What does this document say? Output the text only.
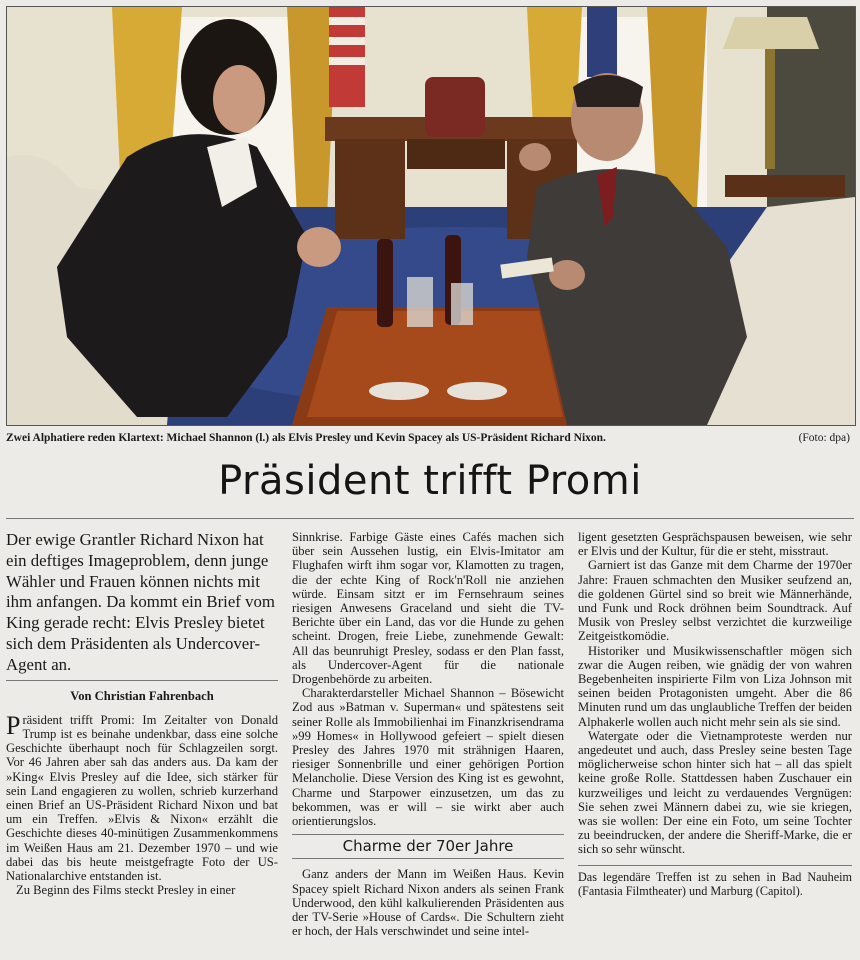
Zwei Alphatiere reden Klartext: Michael Shannon (l.) als Elvis Presley und Kevin Spacey als US-Präsident Richard Nixon.	(Foto: dpa)
Präsident trifft Promi

Der ewige Grantler Richard Nixon hat ein deftiges Imageproblem, denn junge Wähler und Frauen können nichts mit ihm anfangen. Da kommt ein Brief vom King gerade recht: Elvis Presley bietet sich dem Präsidenten als Undercover-Agent an.

Von Christian Fahrenbach

Präsident trifft Promi: Im Zeitalter von Donald Trump ist es beinahe undenkbar, dass eine solche Geschichte überhaupt noch für Schlagzeilen sorgt. Vor 46 Jahren aber sah das anders aus. Da kam der »King« Elvis Presley auf die Idee, sich stärker für sein Land engagieren zu wollen, schrieb kurzerhand einen Brief an US-Präsident Richard Nixon und bat um ein Treffen. »Elvis & Nixon« erzählt die Geschichte dieses 40-minütigen Zusammenkommens im Weißen Haus am 21. Dezember 1970 – und wie dabei das bis heute meistgefragte Foto der US-Nationalarchive entstanden ist.

Zu Beginn des Films steckt Presley in einer

Sinnkrise. Farbige Gäste eines Cafés machen sich über sein Aussehen lustig, ein Elvis-Imitator am Flughafen wirft ihm sogar vor, Klamotten zu tragen, die der echte King of Rock'n'Roll nie anziehen würde. Einsam sitzt er im Fernsehraum seines riesigen Anwesens Graceland und sieht die TV-Berichte über ein Land, das vor die Hunde zu gehen scheint. Drogen, freie Liebe, zunehmende Gewalt: All das beunruhigt Presley, sodass er den Plan fasst, als Undercover-Agent für die nationale Drogenbehörde zu arbeiten.

Charakterdarsteller Michael Shannon – Bösewicht Zod aus »Batman v. Superman« und spätestens seit seiner Rolle als Immobilienhai im Finanzkrisendrama »99 Homes« in Hollywood gefeiert – spielt diesen Presley des Jahres 1970 mit strähnigen Haaren, riesiger Sonnenbrille und einer gehörigen Portion Melancholie. Diese Version des King ist es gewohnt, Charme und Starpower einzusetzen, um das zu bekommen, was er will – sie wirkt aber auch orientierungslos.

Charme der 70er Jahre

Ganz anders der Mann im Weißen Haus. Kevin Spacey spielt Richard Nixon anders als seinen Frank Underwood, den kühl kalkulierenden Präsidenten aus der TV-Serie »House of Cards«. Die Schultern zieht er hoch, der Hals verschwindet und seine intel-

ligent gesetzten Gesprächspausen beweisen, wie sehr er Elvis und der Kultur, für die er steht, misstraut.

Garniert ist das Ganze mit dem Charme der 1970er Jahre: Frauen schmachten den Musiker seufzend an, die goldenen Gürtel sind so breit wie Männerhände, und Funk und Rock dröhnen beim Soundtrack. Auf Musik von Presley selbst verzichtet die kurzweilige Zeitgeistkomödie.

Historiker und Musikwissenschaftler mögen sich zwar die Augen reiben, wie gnädig der von wahren Begebenheiten inspirierte Film von Liza Johnson mit seinen beiden Protagonisten umgeht. Aber die 86 Minuten rund um das unglaubliche Treffen der beiden Alphakerle wollen auch nicht mehr sein als sie sind.

Watergate oder die Vietnamproteste werden nur angedeutet und auch, dass Presley seine besten Tage möglicherweise schon hinter sich hat – all das spielt keine große Rolle. Stattdessen haben Zuschauer ein kurzweiliges und leicht zu verdauendes Vergnügen: Sie sehen zwei Männern dabei zu, wie sie kriegen, was sie wollen: Der eine ein Foto, um seine Tochter zu beeindrucken, der andere die Sheriff-Marke, die er sich so sehr wünscht.

Das legendäre Treffen ist zu sehen in Bad Nauheim (Fantasia Filmtheater) und Marburg (Capitol).
